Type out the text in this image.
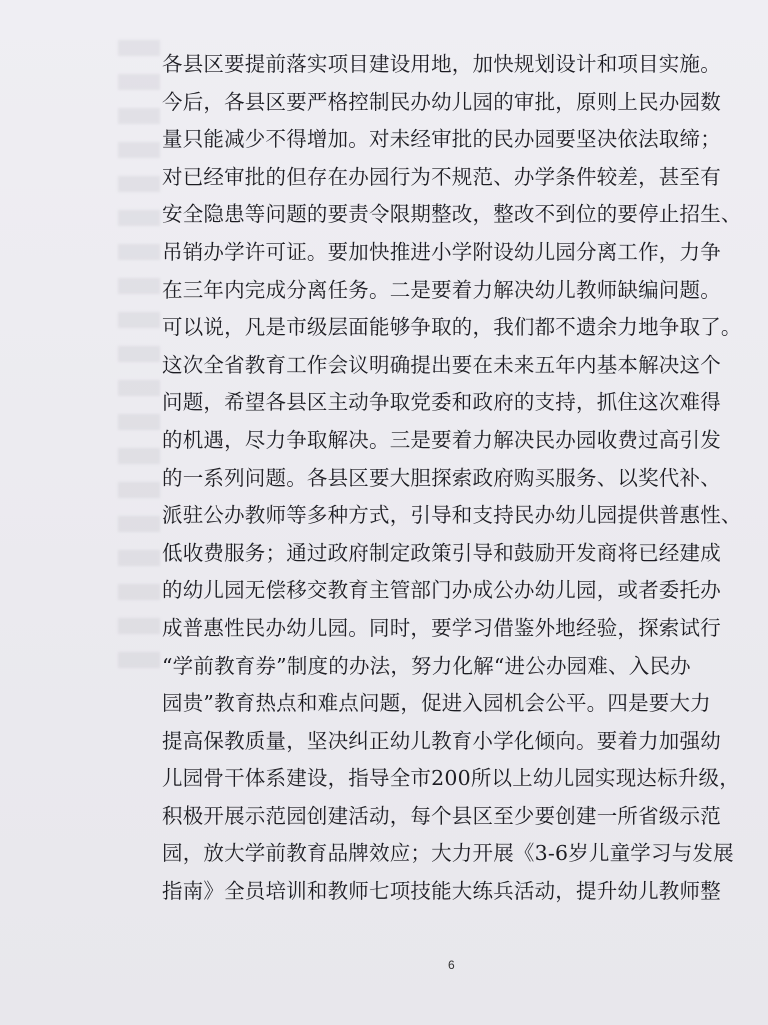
各县区要提前落实项目建设用地，加快规划设计和项目实施。
今后，各县区要严格控制民办幼儿园的审批，原则上民办园数
量只能减少不得增加。对未经审批的民办园要坚决依法取缔；
对已经审批的但存在办园行为不规范、办学条件较差，甚至有
安全隐患等问题的要责令限期整改，整改不到位的要停止招生、
吊销办学许可证。要加快推进小学附设幼儿园分离工作，力争
在三年内完成分离任务。二是要着力解决幼儿教师缺编问题。
可以说，凡是市级层面能够争取的，我们都不遗余力地争取了。
这次全省教育工作会议明确提出要在未来五年内基本解决这个
问题，希望各县区主动争取党委和政府的支持，抓住这次难得
的机遇，尽力争取解决。三是要着力解决民办园收费过高引发
的一系列问题。各县区要大胆探索政府购买服务、以奖代补、
派驻公办教师等多种方式，引导和支持民办幼儿园提供普惠性、
低收费服务；通过政府制定政策引导和鼓励开发商将已经建成
的幼儿园无偿移交教育主管部门办成公办幼儿园，或者委托办
成普惠性民办幼儿园。同时，要学习借鉴外地经验，探索试行
“学前教育券”制度的办法，努力化解“进公办园难、入民办
园贵”教育热点和难点问题，促进入园机会公平。四是要大力
提高保教质量，坚决纠正幼儿教育小学化倾向。要着力加强幼
儿园骨干体系建设，指导全市200所以上幼儿园实现达标升级，
积极开展示范园创建活动，每个县区至少要创建一所省级示范
园，放大学前教育品牌效应；大力开展《3-6岁儿童学习与发展
指南》全员培训和教师七项技能大练兵活动，提升幼儿教师整
6
